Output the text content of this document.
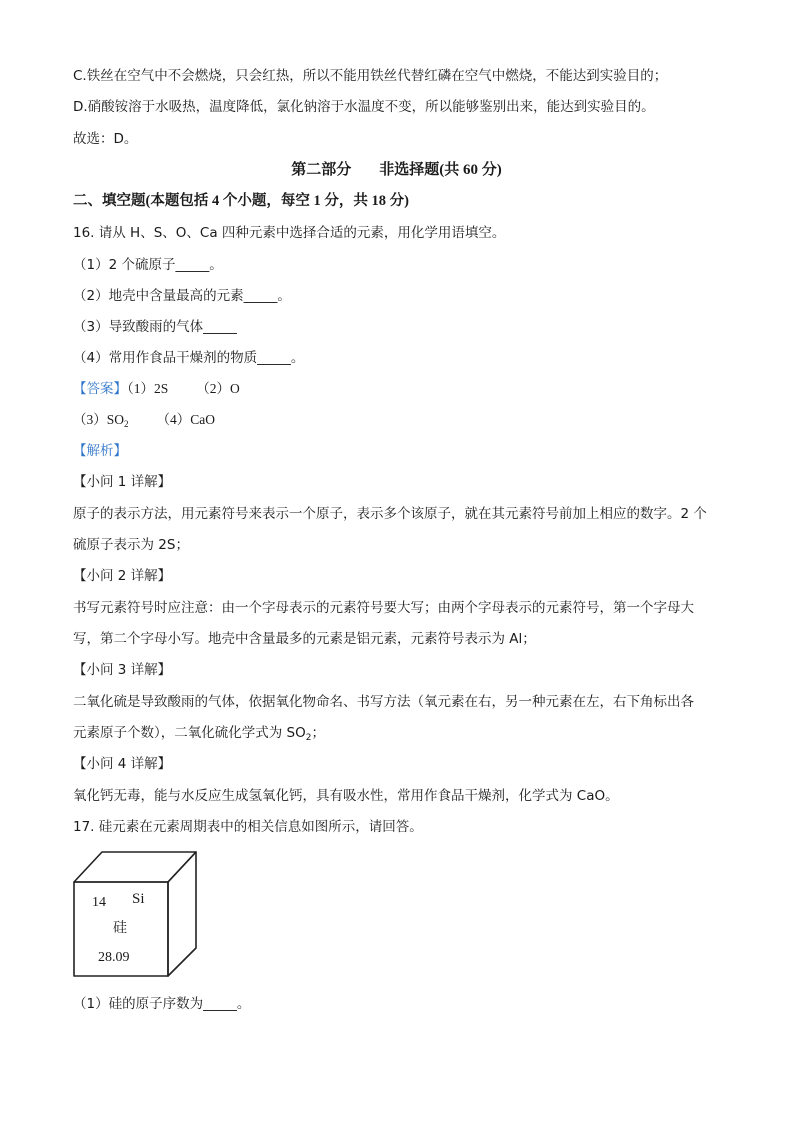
C.铁丝在空气中不会燃烧，只会红热，所以不能用铁丝代替红磷在空气中燃烧，不能达到实验目的；
D.硝酸铵溶于水吸热，温度降低，氯化钠溶于水温度不变，所以能够鉴别出来，能达到实验目的。
故选：D。
第二部分 非选择题(共 60 分)
二、填空题(本题包括 4 个小题，每空 1 分，共 18 分)
16. 请从 H、S、O、Ca 四种元素中选择合适的元素，用化学用语填空。
（1）2 个硫原子_____。
（2）地壳中含量最高的元素_____。
（3）导致酸雨的气体_____
（4）常用作食品干燥剂的物质_____。
【答案】（1）2S （2）O
$(3)SO_2$ （4）CaO
【解析】
【小问 1 详解】
原子的表示方法，用元素符号来表示一个原子，表示多个该原子，就在其元素符号前加上相应的数字。2 个
硫原子表示为 2S；
【小问 2 详解】
书写元素符号时应注意：由一个字母表示的元素符号要大写；由两个字母表示的元素符号，第一个字母大
写，第二个字母小写。地壳中含量最多的元素是铝元素，元素符号表示为 Al；
【小问 3 详解】
二氧化硫是导致酸雨的气体，依据氧化物命名、书写方法（氧元素在右，另一种元素在左，右下角标出各
元素原子个数），二氧化硫化学式为 $SO_2$；
【小问 4 详解】
氧化钙无毒，能与水反应生成氢氧化钙，具有吸水性，常用作食品干燥剂，化学式为 CaO。
17. 硅元素在元素周期表中的相关信息如图所示，请回答。
14 Si
硅
28.09
（1）硅的原子序数为_____。
